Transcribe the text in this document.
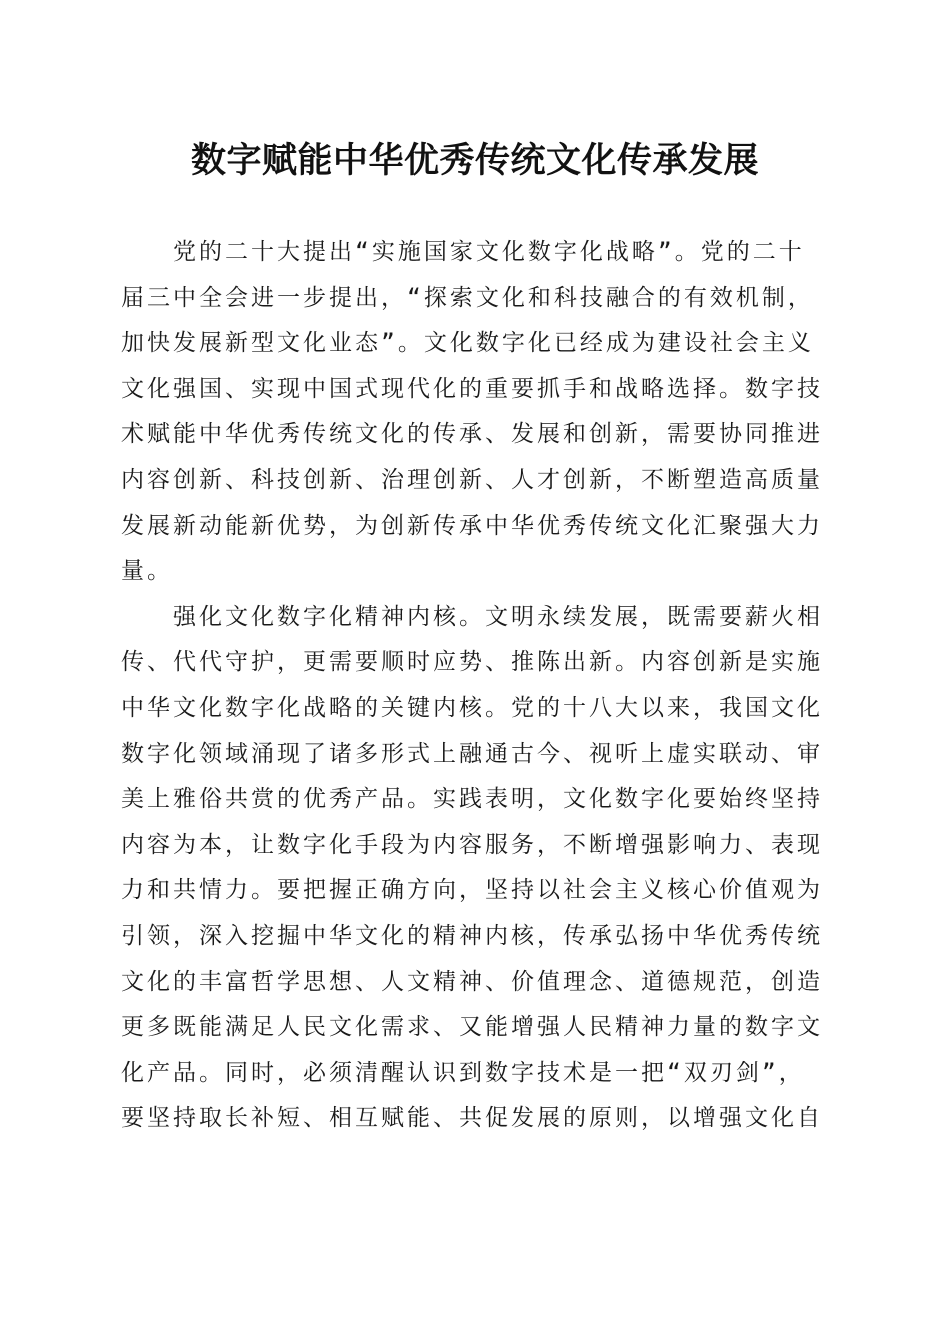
数字赋能中华优秀传统文化传承发展
党的二十大提出“实施国家文化数字化战略”。党的二十
届三中全会进一步提出，“探索文化和科技融合的有效机制，
加快发展新型文化业态”。文化数字化已经成为建设社会主义
文化强国、实现中国式现代化的重要抓手和战略选择。数字技
术赋能中华优秀传统文化的传承、发展和创新，需要协同推进
内容创新、科技创新、治理创新、人才创新，不断塑造高质量
发展新动能新优势，为创新传承中华优秀传统文化汇聚强大力
量。
强化文化数字化精神内核。文明永续发展，既需要薪火相
传、代代守护，更需要顺时应势、推陈出新。内容创新是实施
中华文化数字化战略的关键内核。党的十八大以来，我国文化
数字化领域涌现了诸多形式上融通古今、视听上虚实联动、审
美上雅俗共赏的优秀产品。实践表明，文化数字化要始终坚持
内容为本，让数字化手段为内容服务，不断增强影响力、表现
力和共情力。要把握正确方向，坚持以社会主义核心价值观为
引领，深入挖掘中华文化的精神内核，传承弘扬中华优秀传统
文化的丰富哲学思想、人文精神、价值理念、道德规范，创造
更多既能满足人民文化需求、又能增强人民精神力量的数字文
化产品。同时，必须清醒认识到数字技术是一把“双刃剑”，
要坚持取长补短、相互赋能、共促发展的原则，以增强文化自
